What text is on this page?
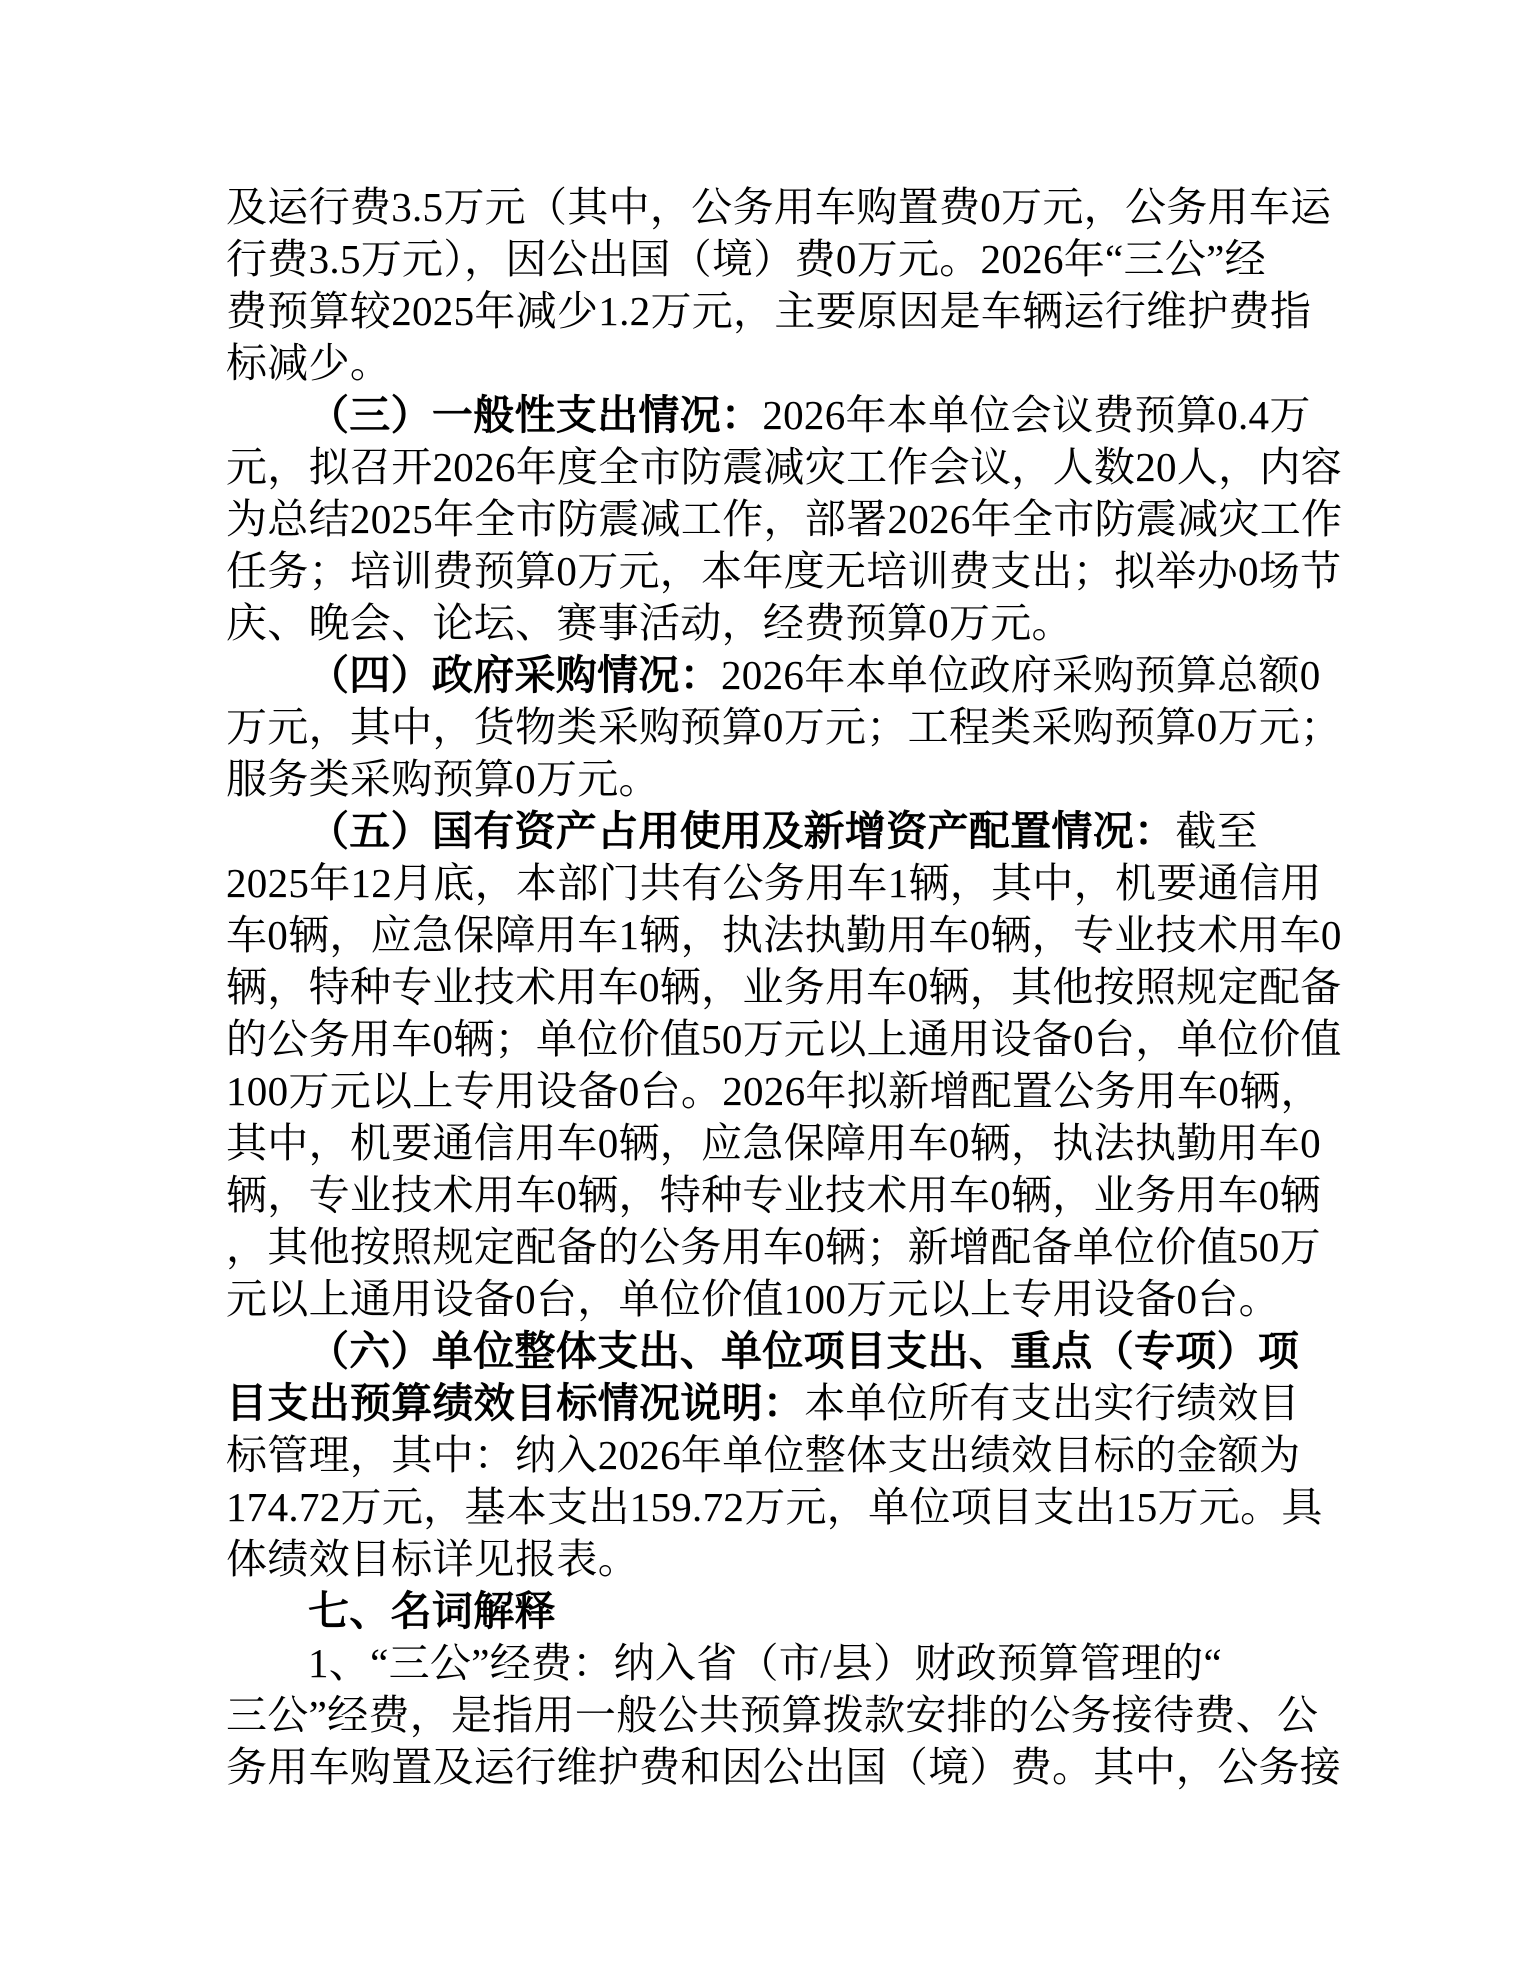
及运行费3.5万元（其中，公务用车购置费0万元，公务用车运
行费3.5万元），因公出国（境）费0万元。2026年“三公”经
费预算较2025年减少1.2万元，主要原因是车辆运行维护费指
标减少。
（三）一般性支出情况：2026年本单位会议费预算0.4万
元，拟召开2026年度全市防震减灾工作会议，人数20人，内容
为总结2025年全市防震减工作，部署2026年全市防震减灾工作
任务；培训费预算0万元，本年度无培训费支出；拟举办0场节
庆、晚会、论坛、赛事活动，经费预算0万元。
（四）政府采购情况：2026年本单位政府采购预算总额0
万元，其中，货物类采购预算0万元；工程类采购预算0万元；
服务类采购预算0万元。
（五）国有资产占用使用及新增资产配置情况：截至
2025年12月底，本部门共有公务用车1辆，其中，机要通信用
车0辆，应急保障用车1辆，执法执勤用车0辆，专业技术用车0
辆，特种专业技术用车0辆，业务用车0辆，其他按照规定配备
的公务用车0辆；单位价值50万元以上通用设备0台，单位价值
100万元以上专用设备0台。2026年拟新增配置公务用车0辆，
其中，机要通信用车0辆，应急保障用车0辆，执法执勤用车0
辆，专业技术用车0辆，特种专业技术用车0辆，业务用车0辆
，其他按照规定配备的公务用车0辆；新增配备单位价值50万
元以上通用设备0台，单位价值100万元以上专用设备0台。
（六）单位整体支出、单位项目支出、重点（专项）项
目支出预算绩效目标情况说明：本单位所有支出实行绩效目
标管理，其中：纳入2026年单位整体支出绩效目标的金额为
174.72万元，基本支出159.72万元，单位项目支出15万元。具
体绩效目标详见报表。
七、名词解释
1、“三公”经费：纳入省（市/县）财政预算管理的“
三公”经费，是指用一般公共预算拨款安排的公务接待费、公
务用车购置及运行维护费和因公出国（境）费。其中，公务接
